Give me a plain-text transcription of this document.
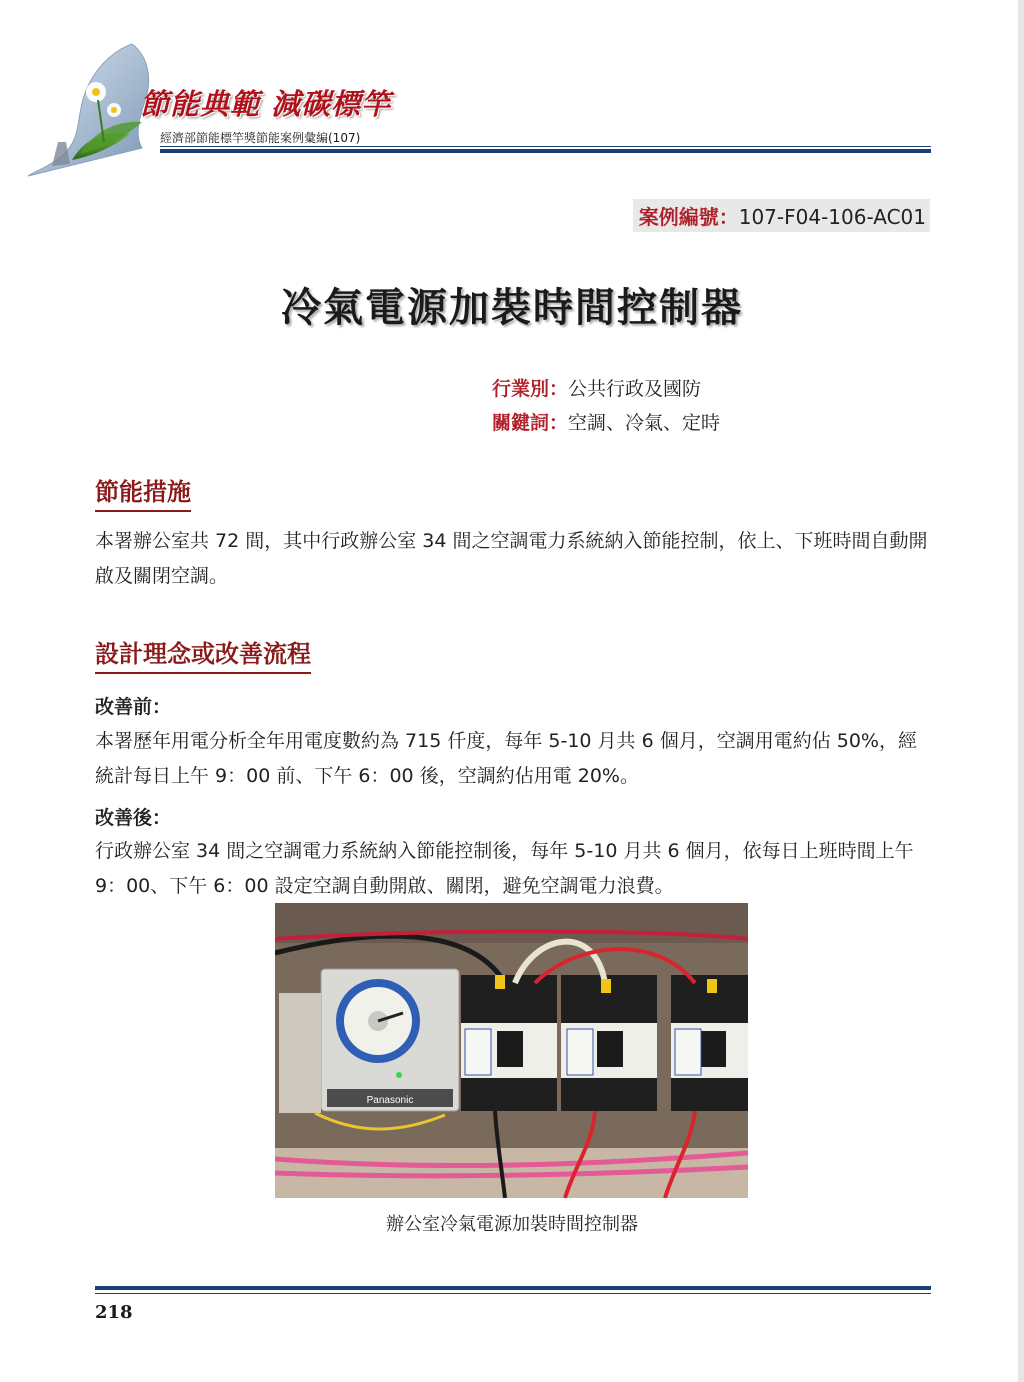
節能典範 減碳標竿
經濟部節能標竿獎節能案例彙編(107)
案例編號：107-F04-106-AC01
冷氣電源加裝時間控制器
行業別：公共行政及國防
關鍵詞：空調、冷氣、定時
節能措施
本署辦公室共 72 間，其中行政辦公室 34 間之空調電力系統納入節能控制，依上、下班時間自動開啟及關閉空調。
設計理念或改善流程
改善前：
本署歷年用電分析全年用電度數約為 715 仟度，每年 5-10 月共 6 個月，空調用電約佔 50%，經統計每日上午 9：00 前、下午 6：00 後，空調約佔用電 20%。
改善後：
行政辦公室 34 間之空調電力系統納入節能控制後，每年 5-10 月共 6 個月，依每日上班時間上午 9：00、下午 6：00 設定空調自動開啟、關閉，避免空調電力浪費。
Panasonic
辦公室冷氣電源加裝時間控制器
218
